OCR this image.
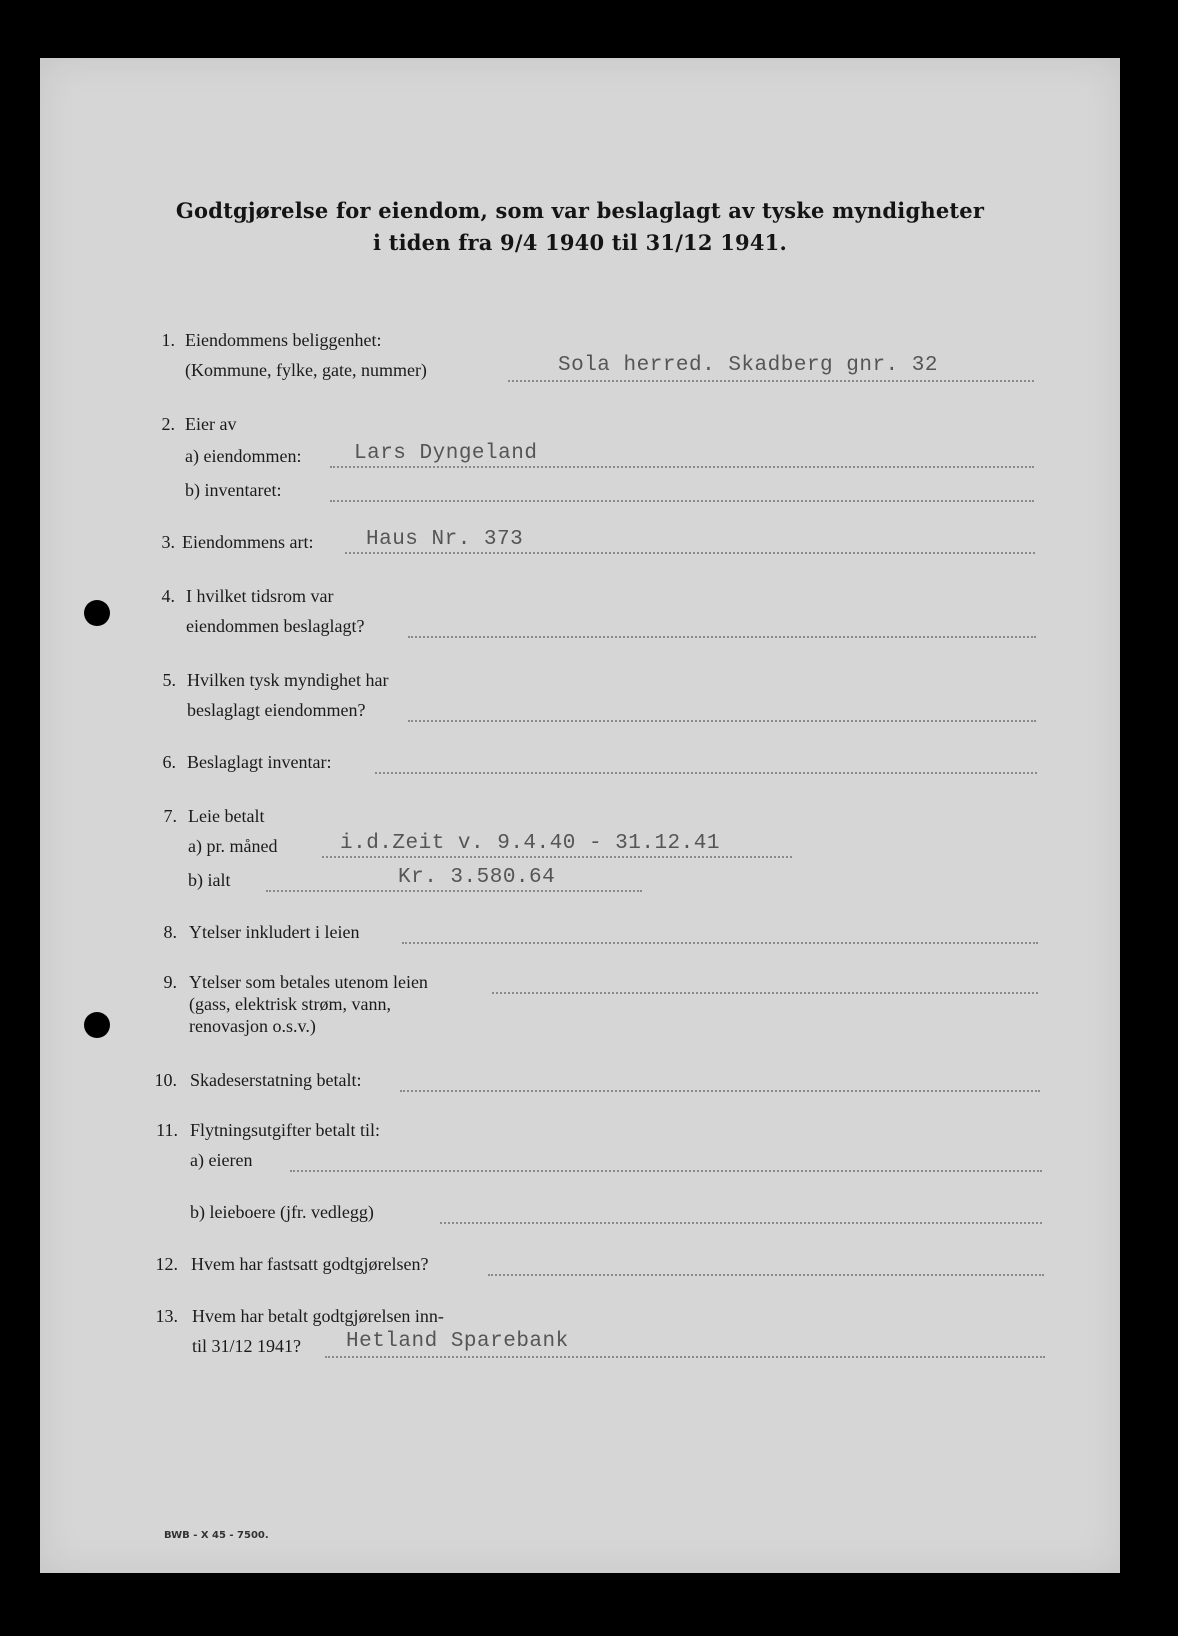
Godtgjørelse for eiendom, som var beslaglagt av tyske myndigheter
i tiden fra 9/4 1940 til 31/12 1941.
1. Eiendommens beliggenhet:
(Kommune, fylke, gate, nummer)	Sola herred. Skadberg gnr. 32
2. Eier av
a) eiendommen:	Lars Dyngeland
b) inventaret:
3. Eiendommens art:	Haus Nr. 373
4. I hvilket tidsrom var
eiendommen beslaglagt?
5. Hvilken tysk myndighet har
beslaglagt eiendommen?
6. Beslaglagt inventar:
7. Leie betalt
a) pr. måned	i.d.Zeit v. 9.4.40 - 31.12.41
b) ialt	Kr. 3.580.64
8. Ytelser inkludert i leien
9. Ytelser som betales utenom leien
(gass, elektrisk strøm, vann,
renovasjon o.s.v.)
10. Skadeserstatning betalt:
11. Flytningsutgifter betalt til:
a) eieren
b) leieboere (jfr. vedlegg)
12. Hvem har fastsatt godtgjørelsen?
13. Hvem har betalt godtgjørelsen inn-
til 31/12 1941? Hetland Sparebank
BWB - X 45 - 7500.
